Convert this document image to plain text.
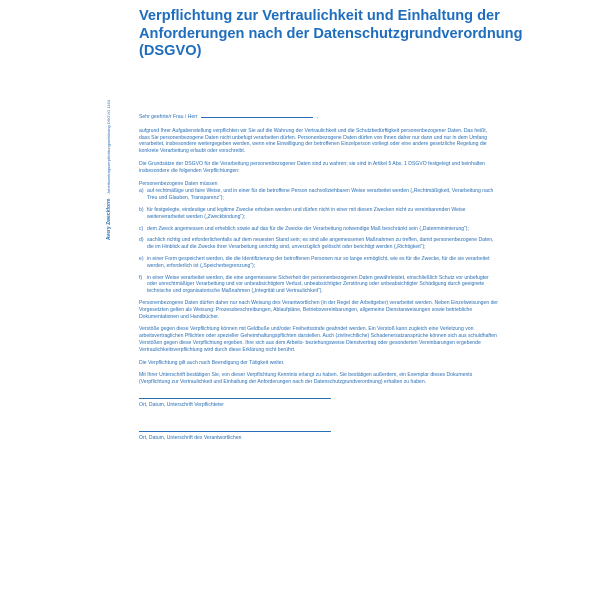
Verpflichtung zur Vertraulichkeit und Einhaltung der Anforderungen nach der Datenschutzgrundverordnung (DSGVO)
Avery Zweckform Arbeitsvertragsverpflichtungserklärung DSGVO 1164	Sehr geehrte/r Frau / Herr	,

aufgrund Ihrer Aufgabenstellung verpflichten wir Sie auf die Wahrung der Vertraulichkeit und die Schutzbedürftigkeit personenbezogener Daten. Das heißt, dass Sie personenbezogene Daten nicht unbefugt verarbeiten dürfen. Personenbezogene Daten dürfen von Ihnen daher nur dann und nur in dem Umfang verarbeitet, insbesondere weitergegeben werden, wenn eine Einwilligung der betroffenen Einzelperson vorliegt oder eine andere gesetzliche Regelung die konkrete Verarbeitung erlaubt oder vorschreibt.

Die Grundsätze der DSGVO für die Verarbeitung personenbezogener Daten sind zu wahren; sie sind in Artikel 5 Abs. 1 DSGVO festgelegt und beinhalten insbesondere die folgenden Verpflichtungen:

Personenbezogene Daten müssen

a) auf rechtmäßige und faire Weise, und in einer für die betroffene Person nachvollziehbaren Weise verarbeitet werden („Rechtmäßigkeit, Verarbeitung nach Treu und Glauben, Transparenz“);
b) für festgelegte, eindeutige und legitime Zwecke erhoben werden und dürfen nicht in einer mit diesen Zwecken nicht zu vereinbarenden Weise weiterverarbeitet werden („Zweckbindung“);
c) dem Zweck angemessen und erheblich sowie auf das für die Zwecke der Verarbeitung notwendige Maß beschränkt sein („Datenminimierung“);
d) sachlich richtig und erforderlichenfalls auf dem neuesten Stand sein; es sind alle angemessenen Maßnahmen zu treffen, damit personenbezogene Daten, die im Hinblick auf die Zwecke ihrer Verarbeitung unrichtig sind, unverzüglich gelöscht oder berichtigt werden („Richtigkeit“);
e) in einer Form gespeichert werden, die die Identifizierung der betroffenen Personen nur so lange ermöglicht, wie es für die Zwecke, für die sie verarbeitet werden, erforderlich ist („Speicherbegrenzung“);
f) in einer Weise verarbeitet werden, die eine angemessene Sicherheit der personenbezogenen Daten gewährleistet, einschließlich Schutz vor unbefugter oder unrechtmäßiger Verarbeitung und vor unbeabsichtigtem Verlust, unbeabsichtigter Zerstörung oder unbeabsichtigter Schädigung durch geeignete technische und organisatorische Maßnahmen („Integrität und Vertraulichkeit“).

Personenbezogene Daten dürfen daher nur nach Weisung des Verantwortlichen (in der Regel der Arbeitgeber) verarbeitet werden. Neben Einzelweisungen der Vorgesetzten gelten als Weisung: Prozessbeschreibungen, Ablaufpläne, Betriebsvereinbarungen, allgemeine Dienstanweisungen sowie betriebliche Dokumentationen und Handbücher.

Verstöße gegen diese Verpflichtung können mit Geldbuße und/oder Freiheitsstrafe geahndet werden. Ein Verstoß kann zugleich eine Verletzung von arbeitsvertraglichen Pflichten oder spezieller Geheimhaltungspflichten darstellen. Auch (zivilrechtliche) Schadenersatzansprüche können sich aus schuldhaften Verstößen gegen diese Verpflichtung ergeben. Ihre sich aus dem Arbeits- beziehungsweise Dienstvertrag oder gesonderten Vereinbarungen ergebende Vertraulichkeitsverpflichtung wird durch diese Erklärung nicht berührt.

Die Verpflichtung gilt auch nach Beendigung der Tätigkeit weiter.

Mit Ihrer Unterschrift bestätigen Sie, von dieser Verpflichtung Kenntnis erlangt zu haben. Sie bestätigen außerdem, ein Exemplar dieses Dokuments (Verpflichtung zur Vertraulichkeit und Einhaltung der Anforderungen nach der Datenschutzgrundverordnung) erhalten zu haben.

Ort, Datum, Unterschrift Verpflichteter

Ort, Datum, Unterschrift des Verantwortlichen
